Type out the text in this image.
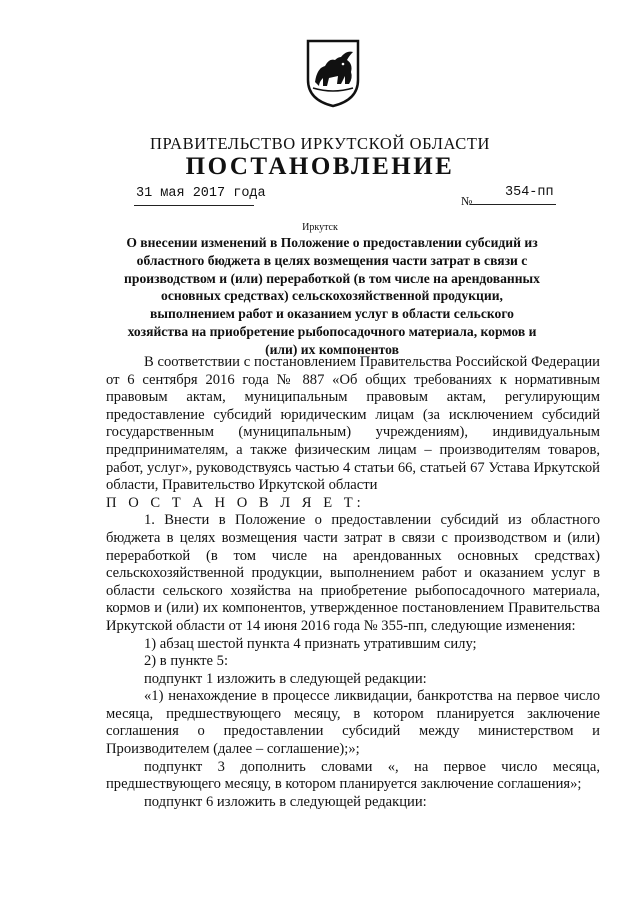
ПРАВИТЕЛЬСТВО ИРКУТСКОЙ ОБЛАСТИ
ПОСТАНОВЛЕНИЕ
31 мая 2017 года	№
354-пп
Иркутск
О внесении изменений в Положение о предоставлении субсидий из областного бюджета в целях возмещения части затрат в связи с производством и (или) переработкой (в том числе на арендованных основных средствах) сельскохозяйственной продукции, выполнением работ и оказанием услуг в области сельского хозяйства на приобретение рыбопосадочного материала, кормов и (или) их компонентов

В соответствии с постановлением Правительства Российской Федерации от 6 сентября 2016 года № 887 «Об общих требованиях к нормативным правовым актам, муниципальным правовым актам, регулирующим предоставление субсидий юридическим лицам (за исключением субсидий государственным (муниципальным) учреждениям), индивидуальным предпринимателям, а также физическим лицам – производителям товаров, работ, услуг», руководствуясь частью 4 статьи 66, статьей 67 Устава Иркутской области, Правительство Иркутской области

П О С Т А Н О В Л Я Е Т:

1. Внести в Положение о предоставлении субсидий из областного бюджета в целях возмещения части затрат в связи с производством и (или) переработкой (в том числе на арендованных основных средствах) сельскохозяйственной продукции, выполнением работ и оказанием услуг в области сельского хозяйства на приобретение рыбопосадочного материала, кормов и (или) их компонентов, утвержденное постановлением Правительства Иркутской области от 14 июня 2016 года № 355-пп, следующие изменения:

1) абзац шестой пункта 4 признать утратившим силу;

2) в пункте 5:

подпункт 1 изложить в следующей редакции:

«1) ненахождение в процессе ликвидации, банкротства на первое число месяца, предшествующего месяцу, в котором планируется заключение соглашения о предоставлении субсидий между министерством и Производителем (далее – соглашение);»;

подпункт 3 дополнить словами «, на первое число месяца, предшествующего месяцу, в котором планируется заключение соглашения»;

подпункт 6 изложить в следующей редакции:
